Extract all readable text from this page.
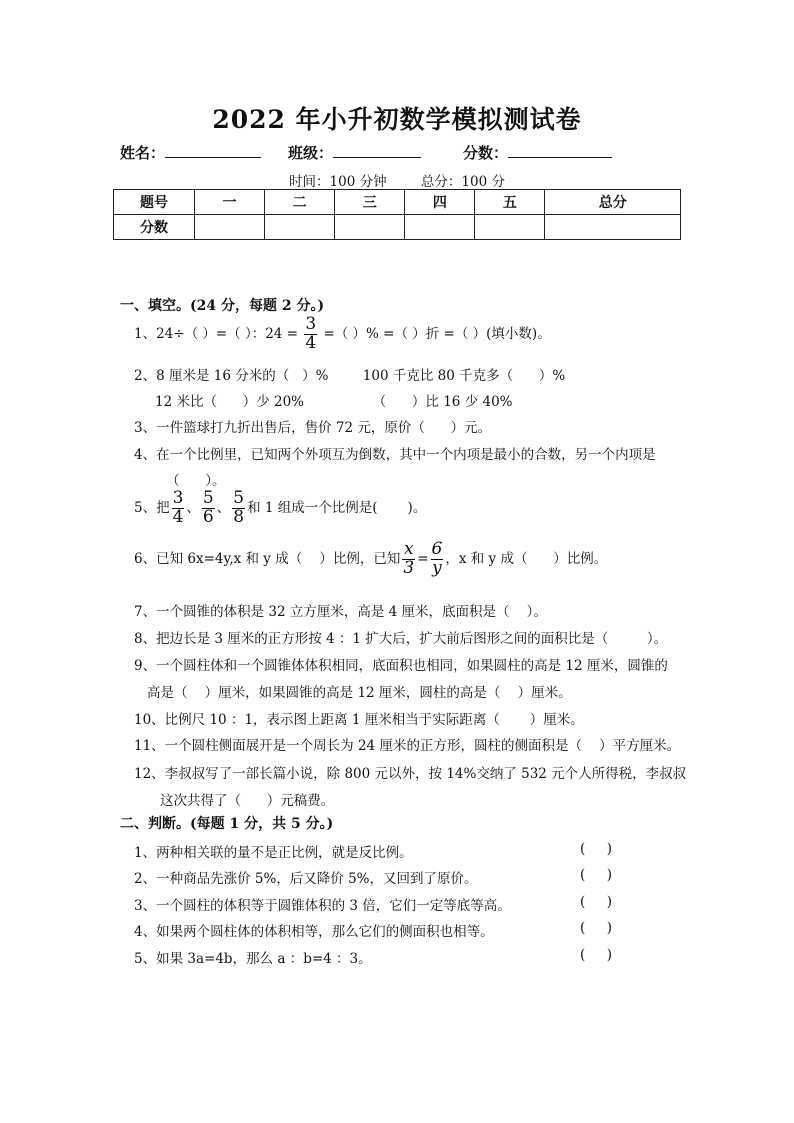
2022 年小升初数学模拟测试卷
姓名：	班级：	分数：
时间：100 分钟        总分：100 分
题号	一	二	三	四	五	总分
分数						
一、填空。(24 分，每题 2 分。)
1、24÷（ ）=（ ）：$24 = \frac{3}{4}$ =（ ）% =（ ）折 =（ ）(填小数)。
2、8 厘米是 16 分米的（   ）%        100 千克比 80 千克多（      ）%
12 米比（      ）少 20%                （      ）比 16 少 40%
3、一件篮球打九折出售后，售价 72 元，原价（      ）元。
4、在一个比例里，已知两个外项互为倒数，其中一个内项是最小的合数，另一个内项是
（      ）。
5、把 $\frac{3}{4}$ 、 $\frac{5}{6}$ 、 $\frac{5}{8}$ 和 1 组成一个比例是(       )。
6、已知 6x=4y,x 和 y 成（    ）比例，已知 $\frac{x}{3} = \frac{6}{y}$ ，x 和 y 成（      ）比例。
7、一个圆锥的体积是 32 立方厘米，高是 4 厘米，底面积是（    ）。
8、把边长是 3 厘米的正方形按 4 ：1 扩大后，扩大前后图形之间的面积比是（         ）。
9、一个圆柱体和一个圆锥体体积相同，底面积也相同，如果圆柱的高是 12 厘米，圆锥的
高是（    ）厘米，如果圆锥的高是 12 厘米，圆柱的高是（    ）厘米。
10、比例尺 10 ：1，表示图上距离 1 厘米相当于实际距离（       ）厘米。
11、一个圆柱侧面展开是一个周长为 24 厘米的正方形，圆柱的侧面积是（    ）平方厘米。
12、李叔叔写了一部长篇小说，除 800 元以外，按 14%交纳了 532 元个人所得税，李叔叔
这次共得了（      ）元稿费。
二、判断。(每题 1 分，共 5 分。)
1、两种相关联的量不是正比例，就是反比例。	(     )
2、一种商品先涨价 5%，后又降价 5%，又回到了原价。	(     )
3、一个圆柱的体积等于圆锥体积的 3 倍，它们一定等底等高。	(     )
4、如果两个圆柱体的体积相等，那么它们的侧面积也相等。	(     )
5、如果 3a=4b，那么 a ：b=4 ：3。	(     )
